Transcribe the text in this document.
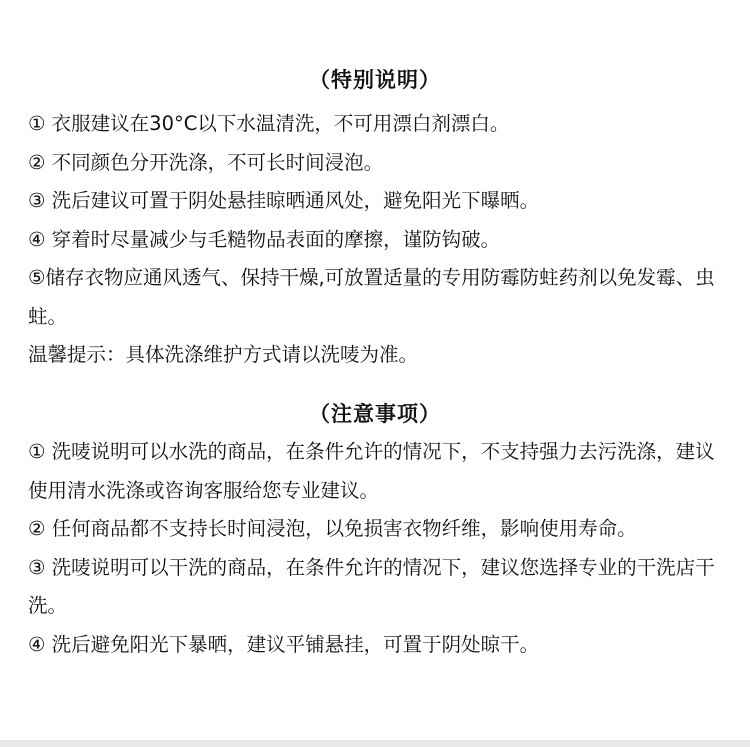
（特别说明）

① 衣服建议在30°C以下水温清洗，不可用漂白剂漂白。

② 不同颜色分开洗涤，不可长时间浸泡。

③ 洗后建议可置于阴处悬挂晾晒通风处，避免阳光下曝晒。

④ 穿着时尽量减少与毛糙物品表面的摩擦，谨防钩破。

⑤储存衣物应通风透气、保持干燥,可放置适量的专用防霉防蛀药剂以免发霉、虫蛀。

温馨提示：具体洗涤维护方式请以洗唛为准。

（注意事项）

① 洗唛说明可以水洗的商品，在条件允许的情况下，不支持强力去污洗涤，建议使用清水洗涤或咨询客服给您专业建议。

② 任何商品都不支持长时间浸泡，以免损害衣物纤维，影响使用寿命。

③ 洗唛说明可以干洗的商品，在条件允许的情况下，建议您选择专业的干洗店干洗。

④ 洗后避免阳光下暴晒，建议平铺悬挂，可置于阴处晾干。
